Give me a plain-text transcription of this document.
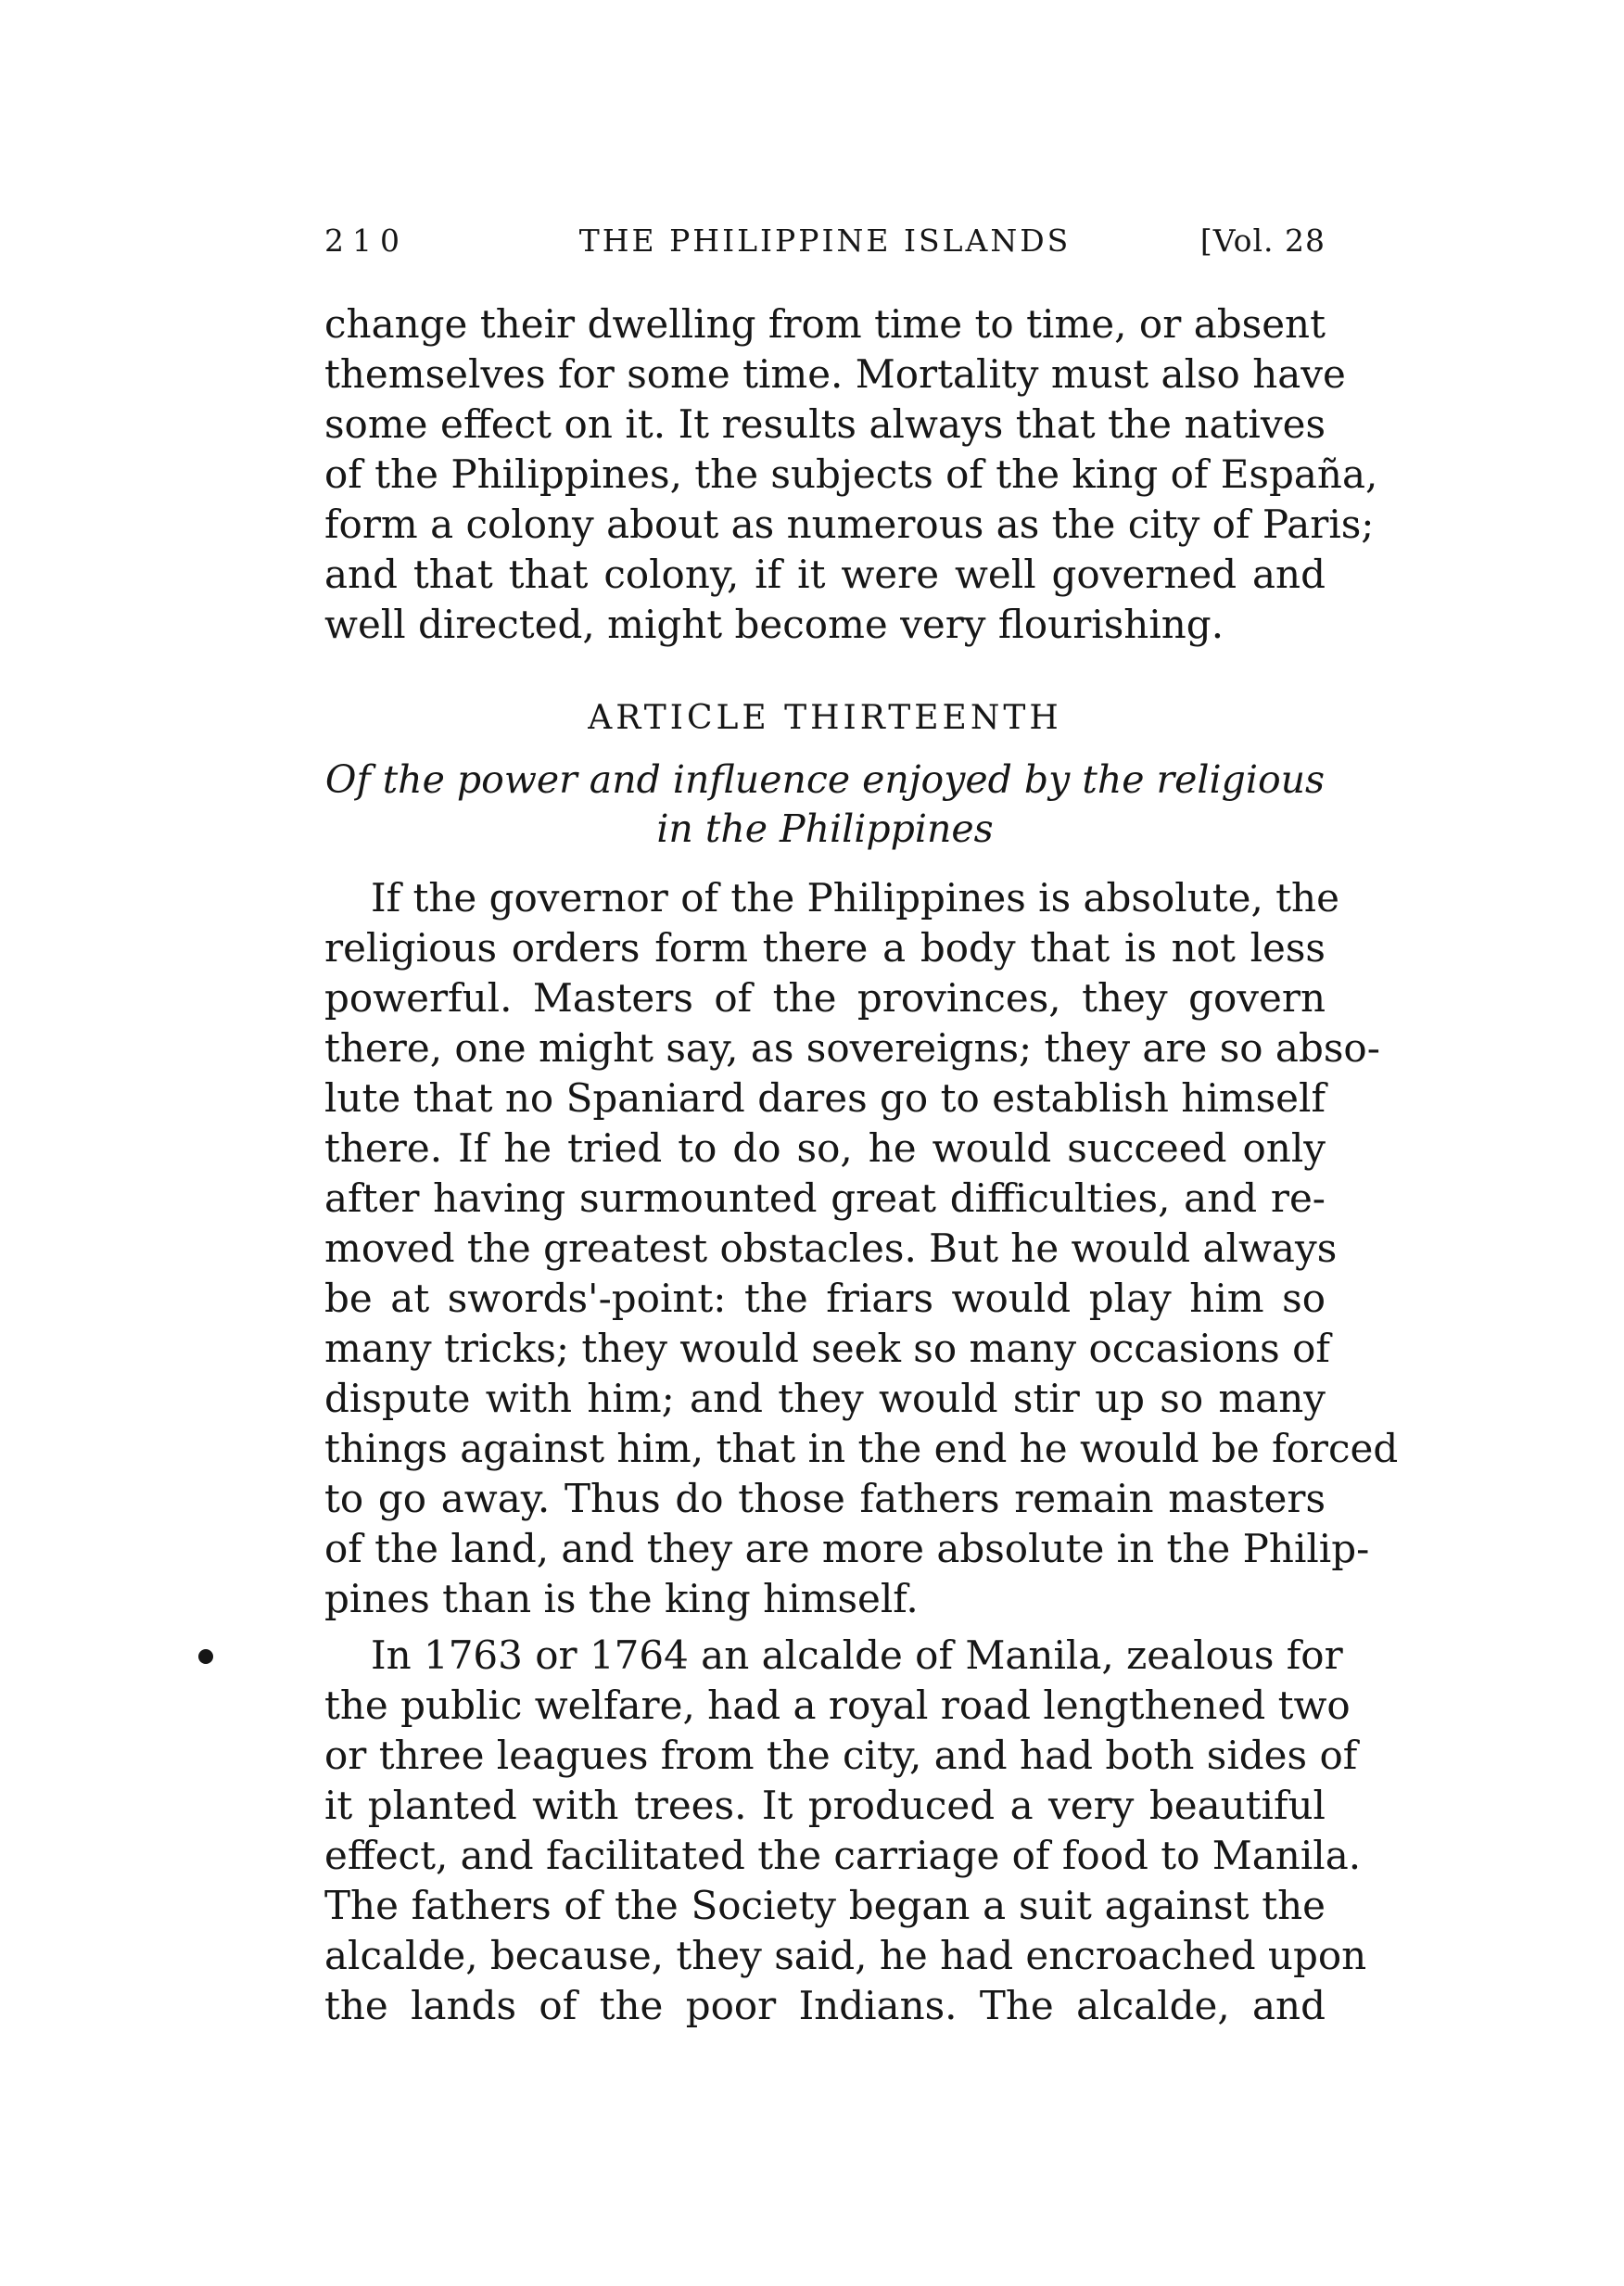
210	THE PHILIPPINE ISLANDS	[Vol. 28
change their dwelling from time to time, or absent
themselves for some time. Mortality must also have
some effect on it. It results always that the natives
of the Philippines, the subjects of the king of España,
form a colony about as numerous as the city of Paris;
and that that colony, if it were well governed and
well directed, might become very flourishing.
ARTICLE THIRTEENTH
Of the power and influence enjoyed by the religious
in the Philippines
If the governor of the Philippines is absolute, the
religious orders form there a body that is not less
powerful. Masters of the provinces, they govern
there, one might say, as sovereigns; they are so abso-
lute that no Spaniard dares go to establish himself
there. If he tried to do so, he would succeed only
after having surmounted great difficulties, and re-
moved the greatest obstacles. But he would always
be at swords'-point: the friars would play him so
many tricks; they would seek so many occasions of
dispute with him; and they would stir up so many
things against him, that in the end he would be forced
to go away. Thus do those fathers remain masters
of the land, and they are more absolute in the Philip-
pines than is the king himself.
In 1763 or 1764 an alcalde of Manila, zealous for
the public welfare, had a royal road lengthened two
or three leagues from the city, and had both sides of
it planted with trees. It produced a very beautiful
effect, and facilitated the carriage of food to Manila.
The fathers of the Society began a suit against the
alcalde, because, they said, he had encroached upon
the lands of the poor Indians. The alcalde, and
